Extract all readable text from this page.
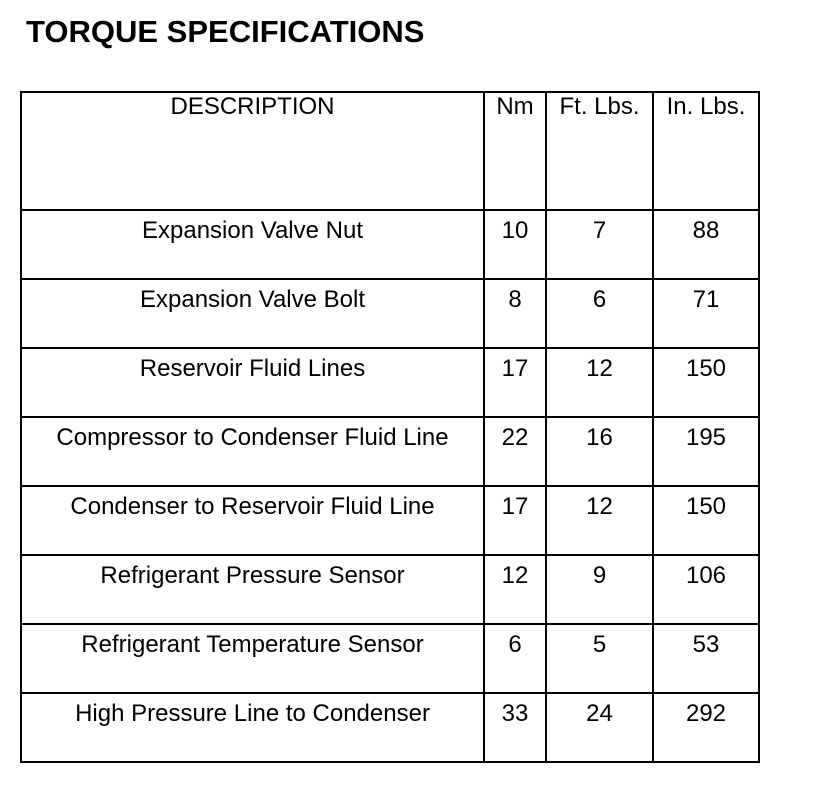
TORQUE SPECIFICATIONS
DESCRIPTION	Nm	Ft. Lbs.	In. Lbs.
Expansion Valve Nut	10	7	88
Expansion Valve Bolt	8	6	71
Reservoir Fluid Lines	17	12	150
Compressor to Condenser Fluid Line	22	16	195
Condenser to Reservoir Fluid Line	17	12	150
Refrigerant Pressure Sensor	12	9	106
Refrigerant Temperature Sensor	6	5	53
High Pressure Line to Condenser	33	24	292
